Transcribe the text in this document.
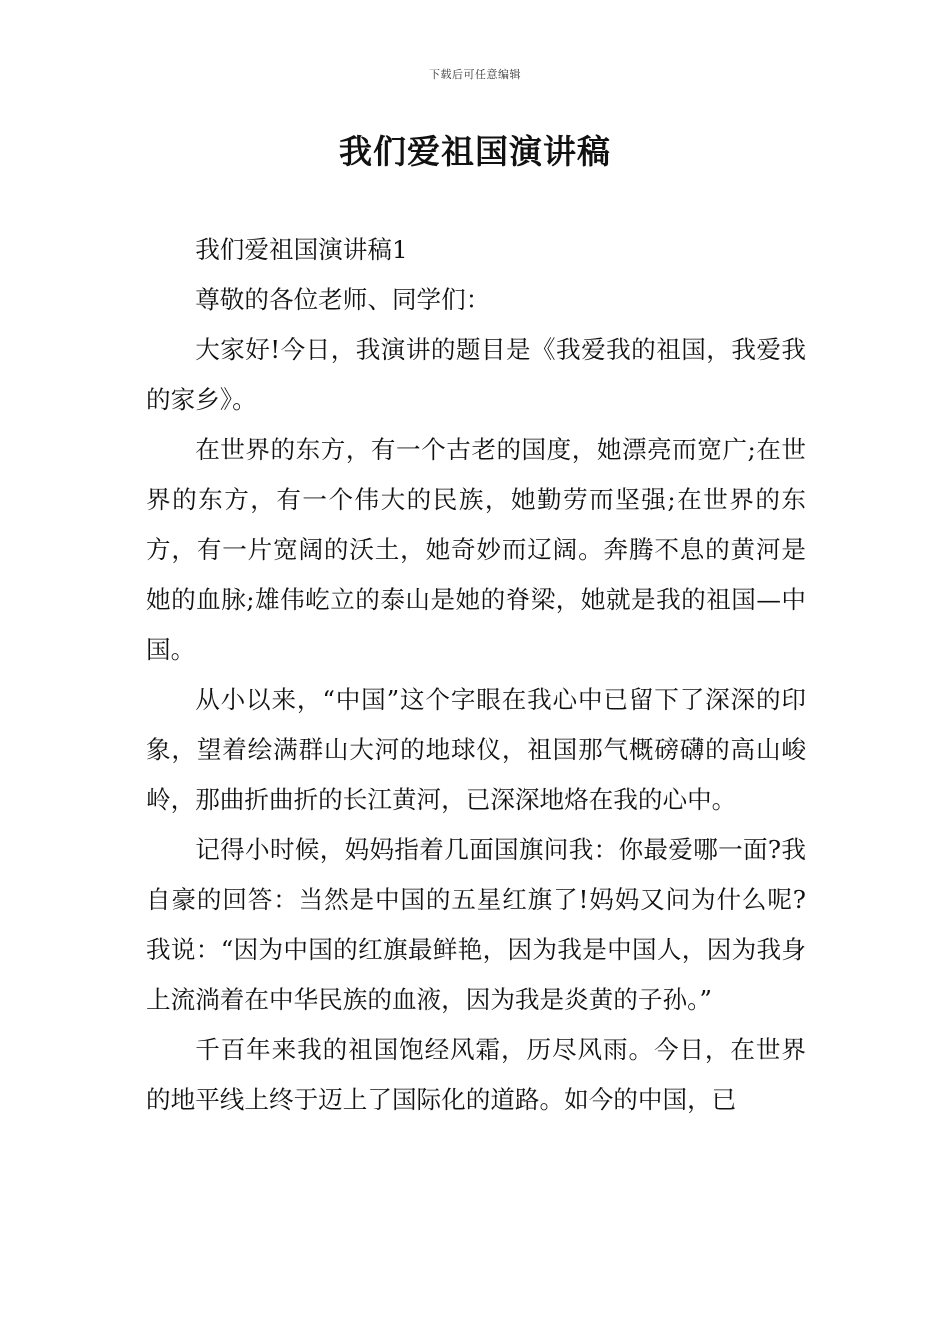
下载后可任意编辑
我们爱祖国演讲稿

我们爱祖国演讲稿1

尊敬的各位老师、同学们：

大家好!今日，我演讲的题目是《我爱我的祖国，我爱我的家乡》。

在世界的东方，有一个古老的国度，她漂亮而宽广;在世界的东方，有一个伟大的民族，她勤劳而坚强;在世界的东方，有一片宽阔的沃土，她奇妙而辽阔。奔腾不息的黄河是她的血脉;雄伟屹立的泰山是她的脊梁，她就是我的祖国—中国。

从小以来，“中国”这个字眼在我心中已留下了深深的印象，望着绘满群山大河的地球仪，祖国那气概磅礴的高山峻岭，那曲折曲折的长江黄河，已深深地烙在我的心中。

记得小时候，妈妈指着几面国旗问我：你最爱哪一面?我自豪的回答：当然是中国的五星红旗了!妈妈又问为什么呢?我说：“因为中国的红旗最鲜艳，因为我是中国人，因为我身上流淌着在中华民族的血液，因为我是炎黄的子孙。”

千百年来我的祖国饱经风霜，历尽风雨。今日，在世界的地平线上终于迈上了国际化的道路。如今的中国，已
